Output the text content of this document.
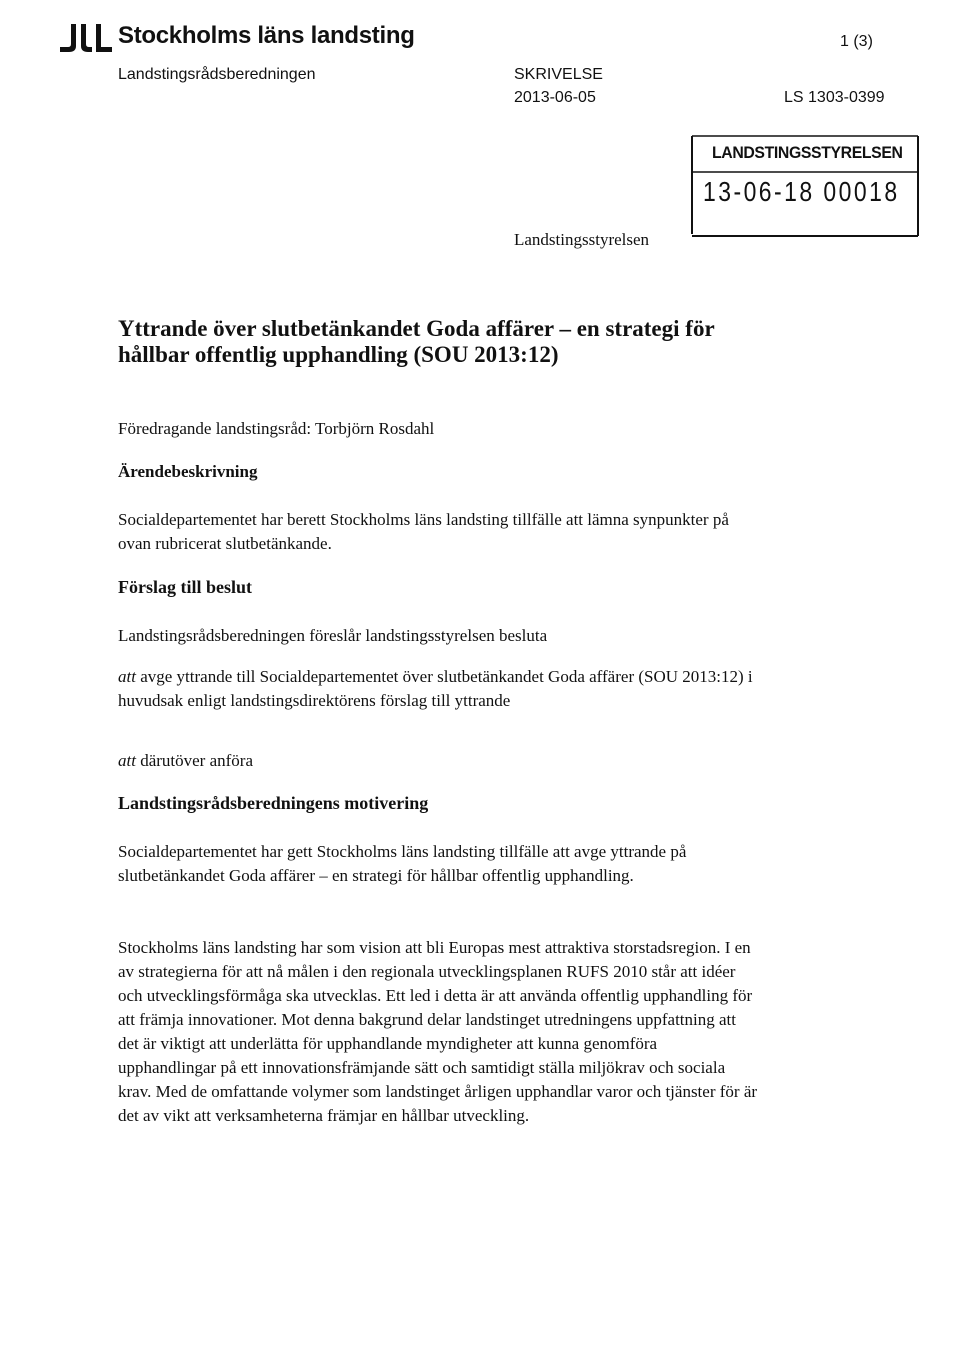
Stockholms läns landsting	1 (3)
Landstingsrådsberedningen	SKRIVELSE
2013-06-05	LS 1303-0399
LANDSTINGSSTYRELSEN
13-06-18 00018
Landstingsstyrelsen
Yttrande över slutbetänkandet Goda affärer – en strategi för hållbar offentlig upphandling (SOU 2013:12)
Föredragande landstingsråd: Torbjörn Rosdahl
Ärendebeskrivning

Socialdepartementet har berett Stockholms läns landsting tillfälle att lämna synpunkter på ovan rubricerat slutbetänkande.

Förslag till beslut

Landstingsrådsberedningen föreslår landstingsstyrelsen besluta

att avge yttrande till Socialdepartementet över slutbetänkandet Goda affärer (SOU 2013:12) i huvudsak enligt landstingsdirektörens förslag till yttrande

att därutöver anföra

Landstingsrådsberedningens motivering

Socialdepartementet har gett Stockholms läns landsting tillfälle att avge yttrande på slutbetänkandet Goda affärer – en strategi för hållbar offentlig upphandling.

Stockholms läns landsting har som vision att bli Europas mest attraktiva storstadsregion. I en av strategierna för att nå målen i den regionala utvecklingsplanen RUFS 2010 står att idéer och utvecklingsförmåga ska utvecklas. Ett led i detta är att använda offentlig upphandling för att främja innovationer. Mot denna bakgrund delar landstinget utredningens uppfattning att det är viktigt att underlätta för upphandlande myndigheter att kunna genomföra upphandlingar på ett innovationsfrämjande sätt och samtidigt ställa miljökrav och sociala krav. Med de omfattande volymer som landstinget årligen upphandlar varor och tjänster för är det av vikt att verksamheterna främjar en hållbar utveckling.
